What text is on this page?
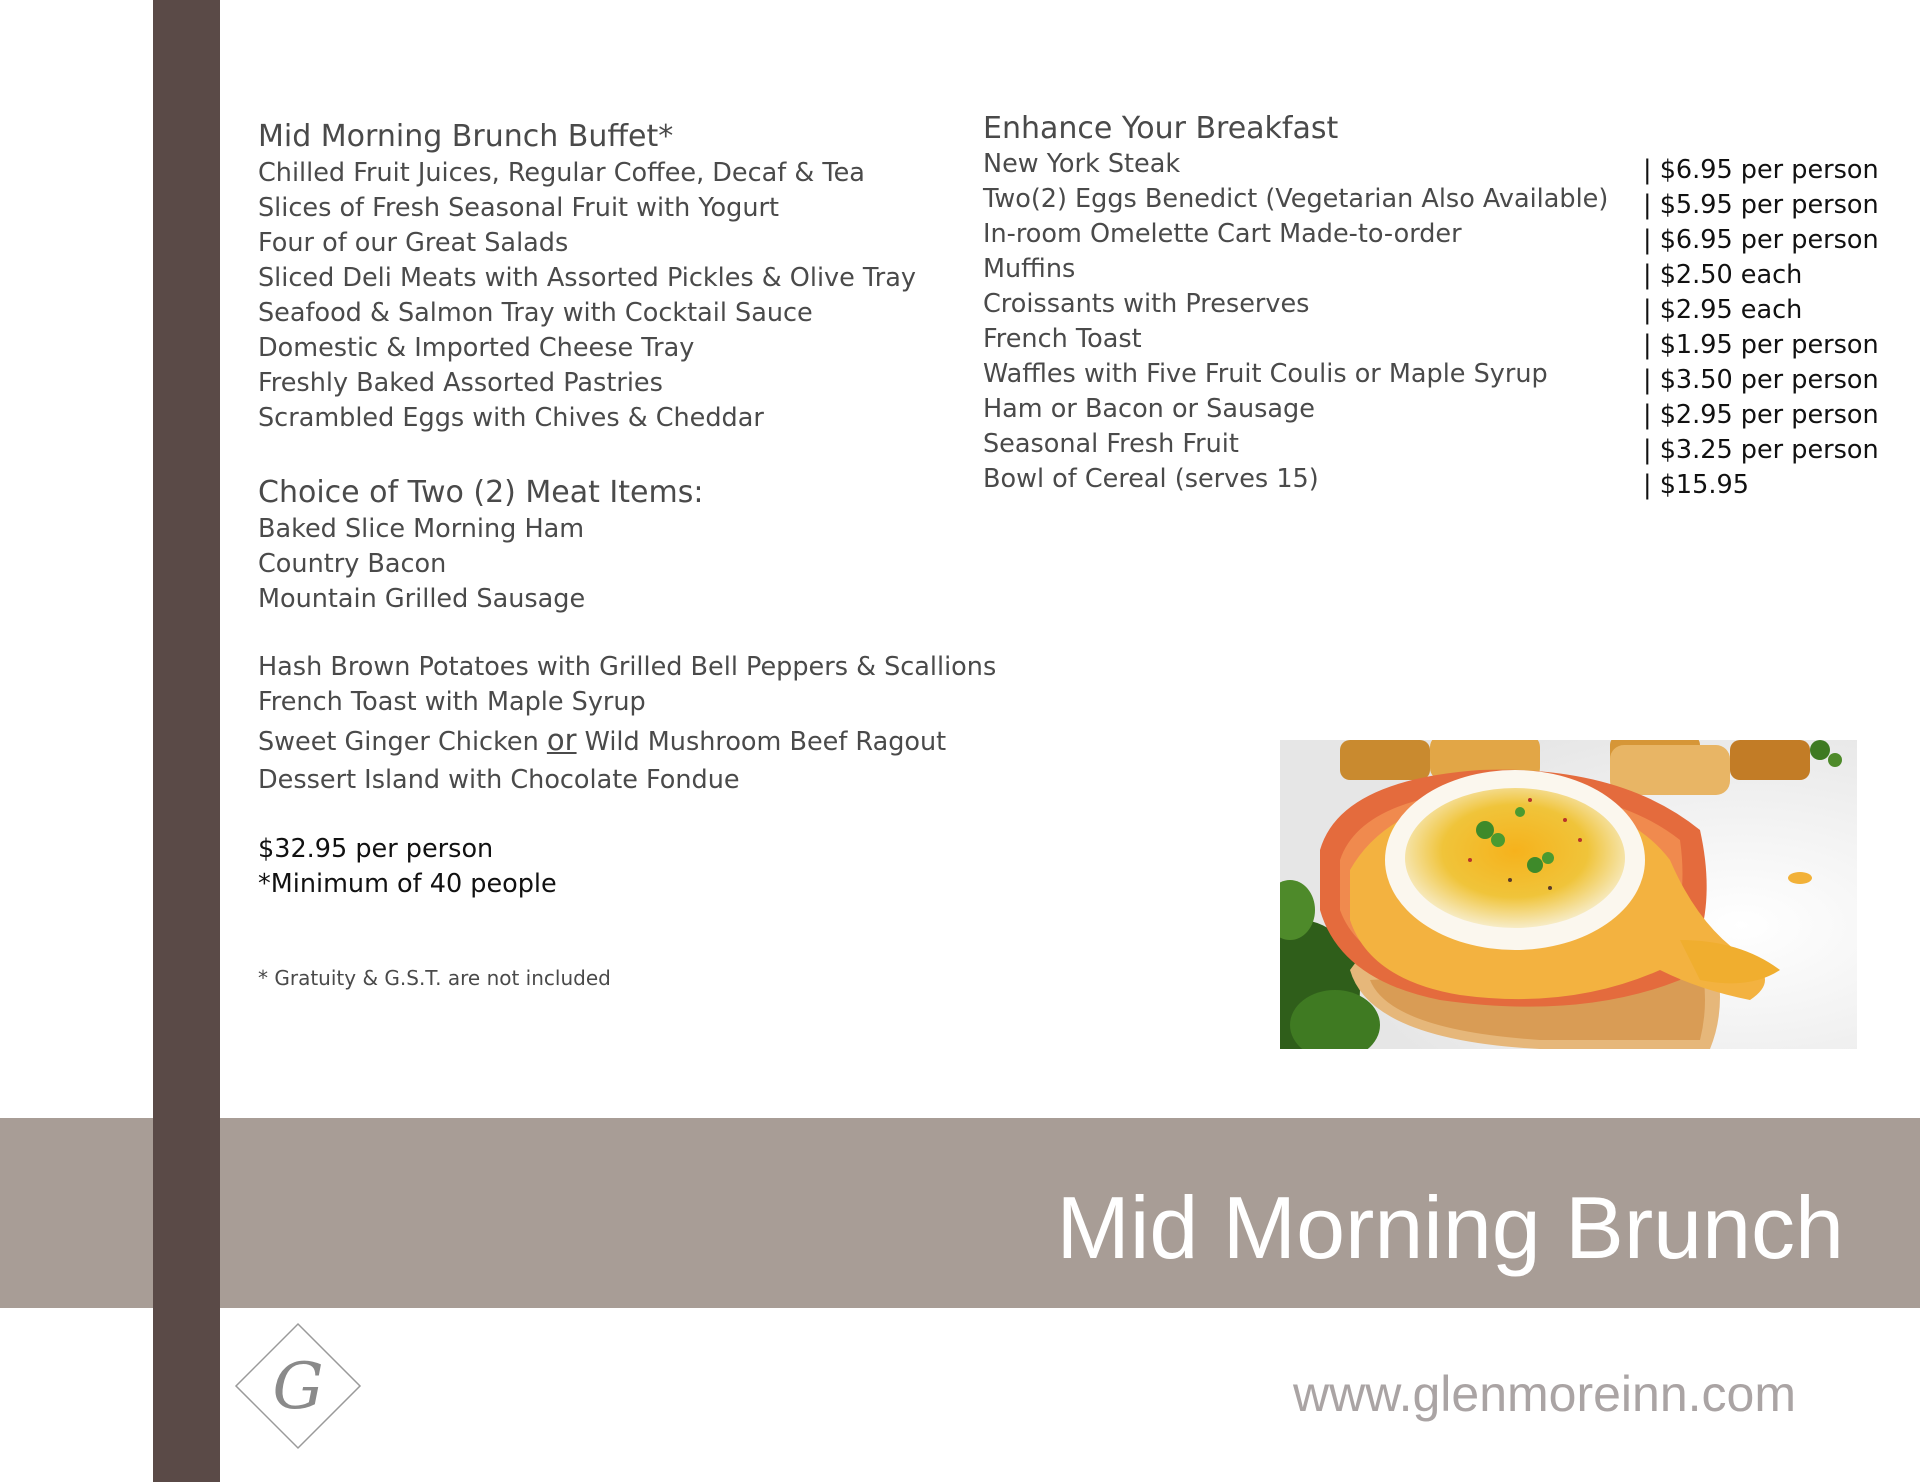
Mid Morning Brunch Buffet*
Chilled Fruit Juices, Regular Coffee, Decaf & Tea
Slices of Fresh Seasonal Fruit with Yogurt
Four of our Great Salads
Sliced Deli Meats with Assorted Pickles & Olive Tray
Seafood & Salmon Tray with Cocktail Sauce
Domestic & Imported Cheese Tray
Freshly Baked Assorted Pastries
Scrambled Eggs with Chives & Cheddar
Choice of Two (2) Meat Items:
Baked Slice Morning Ham
Country Bacon
Mountain Grilled Sausage
Hash Brown Potatoes with Grilled Bell Peppers & Scallions
French Toast with Maple Syrup
Sweet Ginger Chicken or Wild Mushroom Beef Ragout
Dessert Island with Chocolate Fondue
$32.95 per person
*Minimum of 40 people
* Gratuity & G.S.T. are not included
Enhance Your Breakfast
New York Steak
Two(2) Eggs Benedict (Vegetarian Also Available)
In-room Omelette Cart Made-to-order
Muffins
Croissants with Preserves
French Toast
Waffles with Five Fruit Coulis or Maple Syrup
Ham or Bacon or Sausage
Seasonal Fresh Fruit
Bowl of Cereal (serves 15)
| $6.95 per person
| $5.95 per person
| $6.95 per person
| $2.50 each
| $2.95 each
| $1.95 per person
| $3.50 per person
| $2.95 per person
| $3.25 per person
| $15.95
Mid Morning Brunch
www.glenmoreinn.com
G
